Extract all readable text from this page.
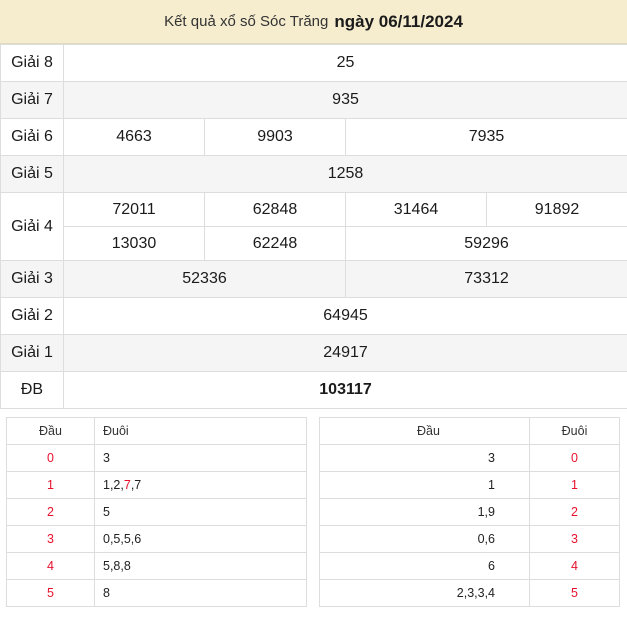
Kết quả xổ số Sóc Trăng ngày 06/11/2024
Giải 8	25			
Giải 7	935			
Giải 6	4663	9903	7935	
Giải 5	1258			
Giải 4	72011	62848	31464	91892
	13030	62248	59296	
Giải 3	52336		73312	
Giải 2	64945			
Giải 1	24917			
ĐB	103117			
Đầu	Đuôi
0	3
1	1,2,7,7
2	5
3	0,5,5,6
4	5,8,8
5	8
Đầu	Đuôi
3	0
1	1
1,9	2
0,6	3
6	4
2,3,3,4	5
